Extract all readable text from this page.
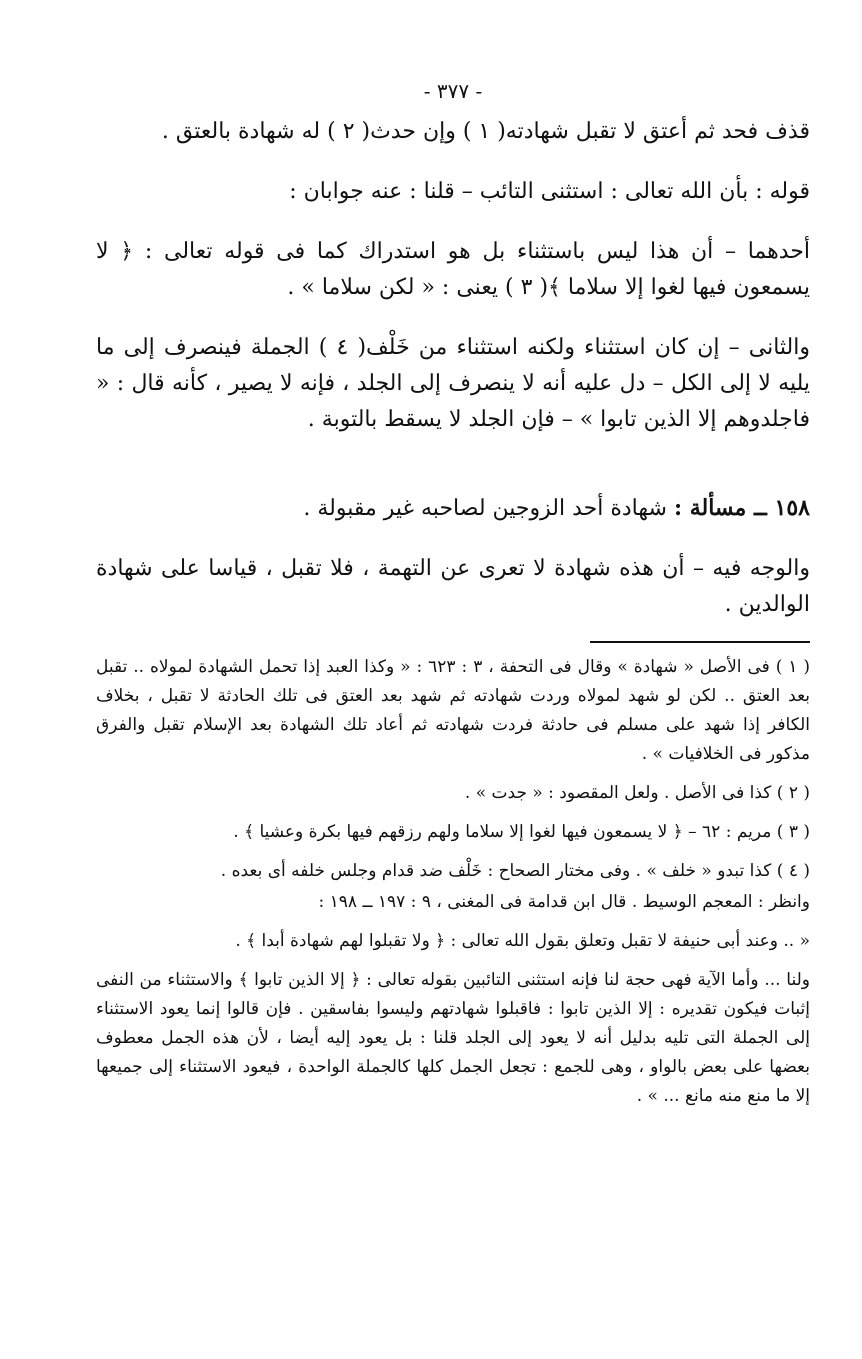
- ٣٧٧ -

قذف فحد ثم أعتق لا تقبل شهادته( ١ ) وإن حدث( ٢ ) له شهادة بالعتق .

قوله : بأن الله تعالى : استثنى التائب – قلنا : عنه جوابان :

أحدهما – أن هذا ليس باستثناء بل هو استدراك كما فى قوله تعالى : ﴿ لا يسمعون فيها لغوا إلا سلاما ﴾( ٣ ) يعنى : « لكن سلاما » .

والثانى – إن كان استثناء ولكنه استثناء من خَلْف( ٤ ) الجملة فينصرف إلى ما يليه لا إلى الكل – دل عليه أنه لا ينصرف إلى الجلد ، فإنه لا يصير ، كأنه قال : « فاجلدوهم إلا الذين تابوا » – فإن الجلد لا يسقط بالتوبة .

١٥٨ ــ مسألة : شهادة أحد الزوجين لصاحبه غير مقبولة .

والوجه فيه – أن هذه شهادة لا تعرى عن التهمة ، فلا تقبل ، قياسا على شهادة الوالدين .

( ١ ) فى الأصل « شهادة » وقال فى التحفة ، ٣ : ٦٢٣ : « وكذا العبد إذا تحمل الشهادة لمولاه .. تقبل بعد العتق .. لكن لو شهد لمولاه وردت شهادته ثم شهد بعد العتق فى تلك الحادثة لا تقبل ، بخلاف الكافر إذا شهد على مسلم فى حادثة فردت شهادته ثم أعاد تلك الشهادة بعد الإسلام تقبل والفرق مذكور فى الخلافيات » .

( ٢ ) كذا فى الأصل . ولعل المقصود : « جدت » .

( ٣ ) مريم : ٦٢ – ﴿ لا يسمعون فيها لغوا إلا سلاما ولهم رزقهم فيها بكرة وعشيا ﴾ .

( ٤ ) كذا تبدو « خلف » . وفى مختار الصحاح : خَلْف ضد قدام وجلس خلفه أى بعده .

وانظر : المعجم الوسيط . قال ابن قدامة فى المغنى ، ٩ : ١٩٧ ــ ١٩٨ :

« .. وعند أبى حنيفة لا تقبل وتعلق بقول الله تعالى : ﴿ ولا تقبلوا لهم شهادة أبدا ﴾ .

ولنا ... وأما الآية فهى حجة لنا فإنه استثنى التائبين بقوله تعالى : ﴿ إلا الذين تابوا ﴾ والاستثناء من النفى إثبات فيكون تقديره : إلا الذين تابوا : فاقبلوا شهادتهم وليسوا بفاسقين . فإن قالوا إنما يعود الاستثناء إلى الجملة التى تليه بدليل أنه لا يعود إلى الجلد قلنا : بل يعود إليه أيضا ، لأن هذه الجمل معطوف بعضها على بعض بالواو ، وهى للجمع : تجعل الجمل كلها كالجملة الواحدة ، فيعود الاستثناء إلى جميعها إلا ما منع منه مانع ... » .
